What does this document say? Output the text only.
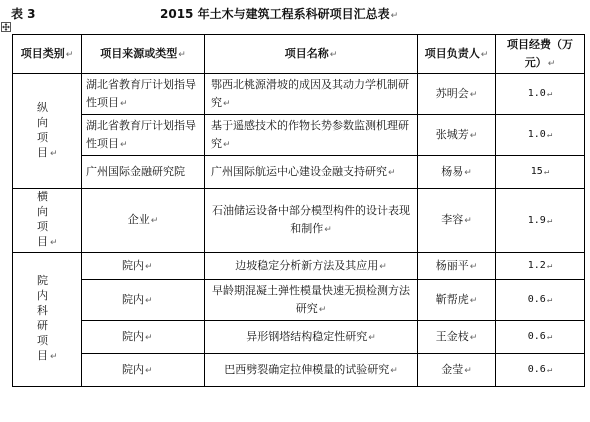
表 3	2015 年土木与建筑工程系科研项目汇总表↵
项目类别↵	项目来源或类型↵	项目名称↵	项目负责人↵	项目经费（万元）↵
纵向项目 ↵	湖北省教育厅计划指导性项目↵	鄂西北桃源滑坡的成因及其动力学机制研究↵	苏明会↵	1.0↵
	湖北省教育厅计划指导性项目↵	基于遥感技术的作物长势参数监测机理研究↵	张城芳↵	1.0↵
	广州国际金融研究院	广州国际航运中心建设金融支持研究↵	杨易↵	15↵
横向项目 ↵	企业↵	石油储运设备中部分模型构件的设计表现和制作↵	李容↵	1.9↵
院内科研项目 ↵	院内↵	边坡稳定分析新方法及其应用↵	杨丽平↵	1.2↵
	院内↵	早龄期混凝土弹性模量快速无损检测方法研究↵	靳帮虎↵	0.6↵
	院内↵	异形钢塔结构稳定性研究↵	王金枝↵	0.6↵
	院内↵	巴西劈裂确定拉伸模量的试验研究↵	金莹↵	0.6↵
